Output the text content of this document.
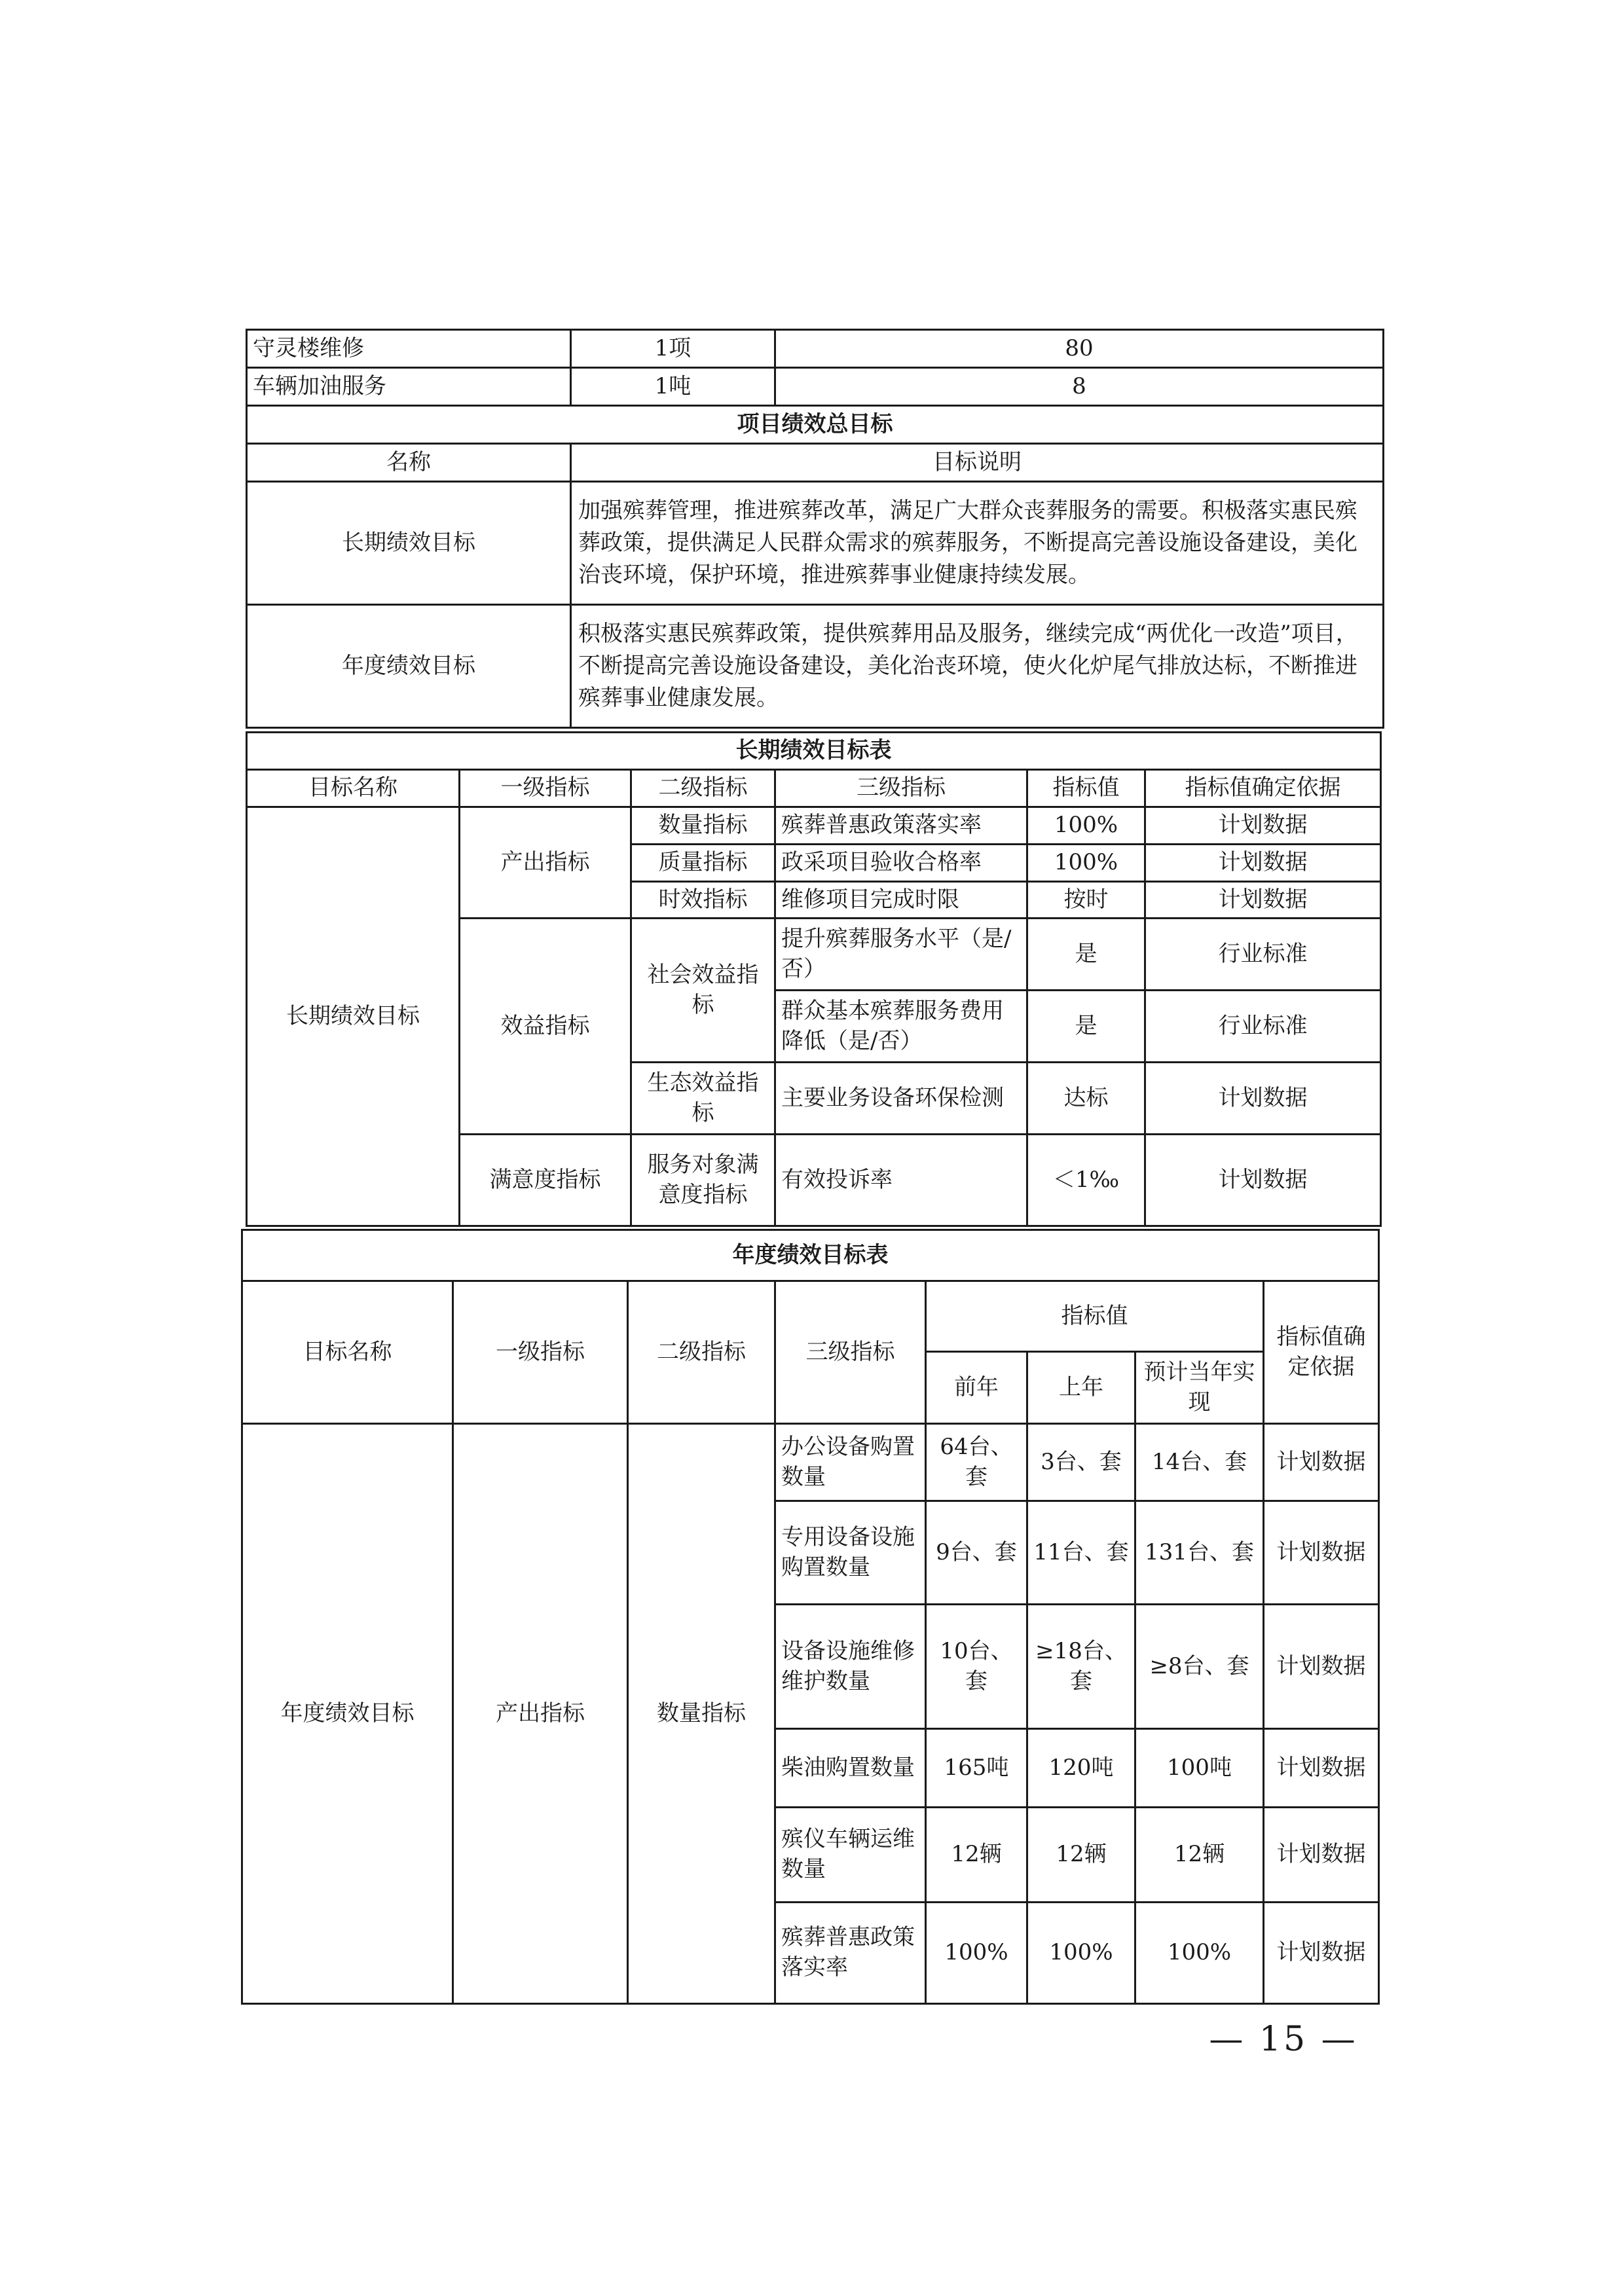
守灵楼维修	1项	80
车辆加油服务	1吨	8
项目绩效总目标		
名称	目标说明	
长期绩效目标	加强殡葬管理，推进殡葬改革，满足广大群众丧葬服务的需要。积极落实惠民殡葬政策，提供满足人民群众需求的殡葬服务，不断提高完善设施设备建设，美化治丧环境，保护环境，推进殡葬事业健康持续发展。	
年度绩效目标	积极落实惠民殡葬政策，提供殡葬用品及服务，继续完成“两优化一改造”项目，不断提高完善设施设备建设，美化治丧环境，使火化炉尾气排放达标，不断推进殡葬事业健康发展。	
长期绩效目标表					
目标名称	一级指标	二级指标	三级指标	指标值	指标值确定依据
长期绩效目标	产出指标	数量指标	殡葬普惠政策落实率	100%	计划数据
		质量指标	政采项目验收合格率	100%	计划数据
		时效指标	维修项目完成时限	按时	计划数据
	效益指标	社会效益指标	提升殡葬服务水平（是/否）	是	行业标准
			群众基本殡葬服务费用降低（是/否）	是	行业标准
		生态效益指标	主要业务设备环保检测	达标	计划数据
	满意度指标	服务对象满意度指标	有效投诉率	＜1‰	计划数据
年度绩效目标表							
目标名称	一级指标	二级指标	三级指标	指标值			指标值确定依据
				前年	上年	预计当年实现	
年度绩效目标	产出指标	数量指标	办公设备购置数量	64台、套	3台、套	14台、套	计划数据
			专用设备设施购置数量	9台、套	11台、套	131台、套	计划数据
			设备设施维修维护数量	10台、套	≥18台、套	≥8台、套	计划数据
			柴油购置数量	165吨	120吨	100吨	计划数据
			殡仪车辆运维数量	12辆	12辆	12辆	计划数据
			殡葬普惠政策落实率	100%	100%	100%	计划数据
— 15 —
